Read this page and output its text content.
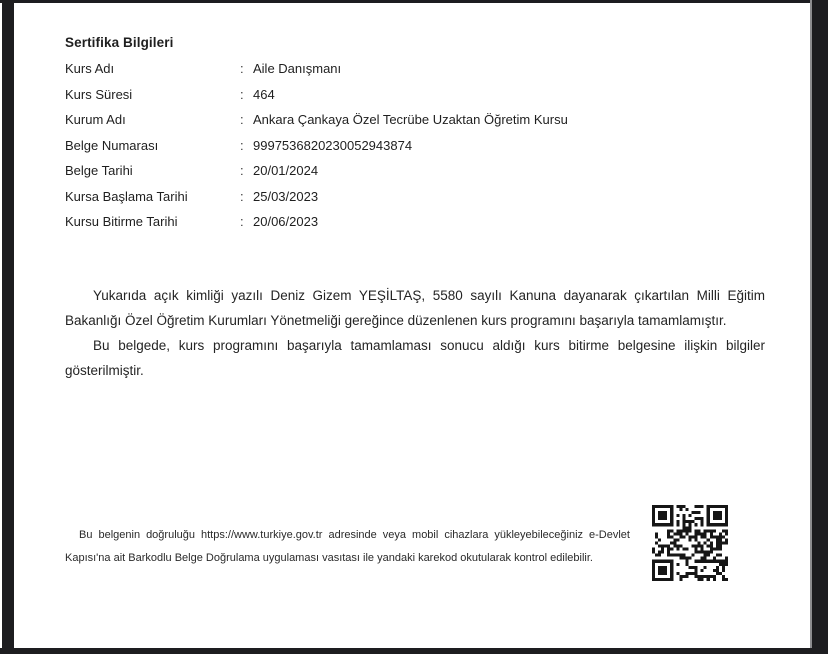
Sertifika Bilgileri
Kurs Adı	: Aile Danışmanı
Kurs Süresi	: 464
Kurum Adı	: Ankara Çankaya Özel Tecrübe Uzaktan Öğretim Kursu
Belge Numarası	: 9997536820230052943874
Belge Tarihi	: 20/01/2024
Kursa Başlama Tarihi	: 25/03/2023
Kursu Bitirme Tarihi	: 20/06/2023

Yukarıda açık kimliği yazılı Deniz Gizem YEŞİLTAŞ, 5580 sayılı Kanuna dayanarak çıkartılan Milli Eğitim Bakanlığı Özel Öğretim Kurumları Yönetmeliği gereğince düzenlenen kurs programını başarıyla tamamlamıştır.

Bu belgede, kurs programını başarıyla tamamlaması sonucu aldığı kurs bitirme belgesine ilişkin bilgiler gösterilmiştir.

Bu belgenin doğruluğu https://www.turkiye.gov.tr adresinde veya mobil cihazlara yükleyebileceğiniz e-Devlet Kapısı'na ait Barkodlu Belge Doğrulama uygulaması vasıtası ile yandaki karekod okutularak kontrol edilebilir.
